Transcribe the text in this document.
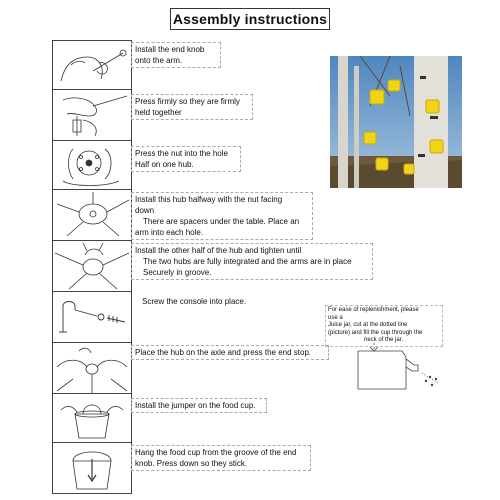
Assembly instructions
Install the end knob
onto the arm.
Press firmly so they are firmly
held together
Press the nut into the hole
Half on one hub.
Install this hub halfway with the nut facing
down
There are spacers under the table. Place an
arm into each hole.
Install the other half of the hub and tighten until
The two hubs are fully integrated and the arms are in place
Securely in groove.
Screw the console into place.
Place the hub on the axle and press the end stop.
Install the jumper on the food cup.
Hang the food cup from the groove of the end
knob. Press down so they stick.
For ease of replenishment, please
use a
Juice jar, cut at the dotted line
(picture) and fill the cup through the
neck of the jar.
